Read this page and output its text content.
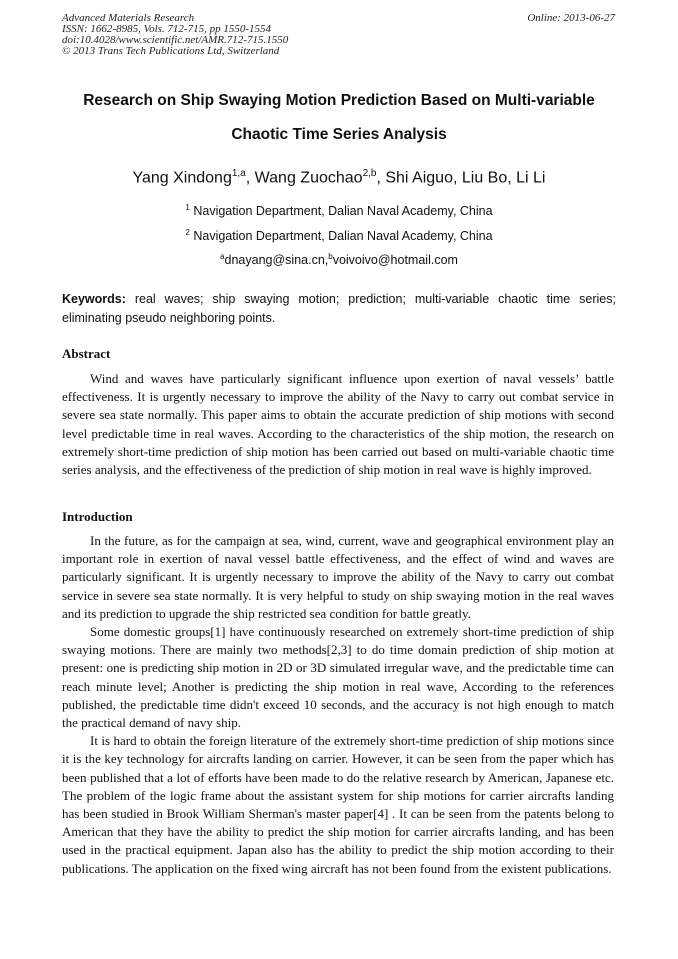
Advanced Materials Research
ISSN: 1662-8985, Vols. 712-715, pp 1550-1554
doi:10.4028/www.scientific.net/AMR.712-715.1550
© 2013 Trans Tech Publications Ltd, Switzerland
Online: 2013-06-27
Research on Ship Swaying Motion Prediction Based on Multi-variable
Chaotic Time Series Analysis
Yang Xindong$^{1,a}$, Wang Zuochao$^{2,b}$, Shi Aiguo, Liu Bo, Li Li
$^1$ Navigation Department, Dalian Naval Academy, China
$^2$ Navigation Department, Dalian Naval Academy, China
$^a$dnayang@sina.cn,$^b$voivoivo@hotmail.com
Keywords: real waves; ship swaying motion; prediction; multi-variable chaotic time series; eliminating pseudo neighboring points.
Abstract

Wind and waves have particularly significant influence upon exertion of naval vessels’ battle effectiveness. It is urgently necessary to improve the ability of the Navy to carry out combat service in severe sea state normally. This paper aims to obtain the accurate prediction of ship motions with second level predictable time in real waves. According to the characteristics of the ship motion, the research on extremely short-time prediction of ship motion has been carried out based on multi-variable chaotic time series analysis, and the effectiveness of the prediction of ship motion in real wave is highly improved.

Introduction

In the future, as for the campaign at sea, wind, current, wave and geographical environment play an important role in exertion of naval vessel battle effectiveness, and the effect of wind and waves are particularly significant. It is urgently necessary to improve the ability of the Navy to carry out combat service in severe sea state normally. It is very helpful to study on ship swaying motion in the real waves and its prediction to upgrade the ship restricted sea condition for battle greatly.

Some domestic groups[1] have continuously researched on extremely short-time prediction of ship swaying motions. There are mainly two methods[2,3] to do time domain prediction of ship motion at present: one is predicting ship motion in 2D or 3D simulated irregular wave, and the predictable time can reach minute level; Another is predicting the ship motion in real wave, According to the references published, the predictable time didn't exceed 10 seconds, and the accuracy is not high enough to match the practical demand of navy ship.

It is hard to obtain the foreign literature of the extremely short-time prediction of ship motions since it is the key technology for aircrafts landing on carrier. However, it can be seen from the paper which has been published that a lot of efforts have been made to do the relative research by American, Japanese etc. The problem of the logic frame about the assistant system for ship motions for carrier aircrafts landing has been studied in Brook William Sherman's master paper[4] . It can be seen from the patents belong to American that they have the ability to predict the ship motion for carrier aircrafts landing, and has been used in the practical equipment. Japan also has the ability to predict the ship motion according to their publications. The application on the fixed wing aircraft has not been found from the existent publications.
